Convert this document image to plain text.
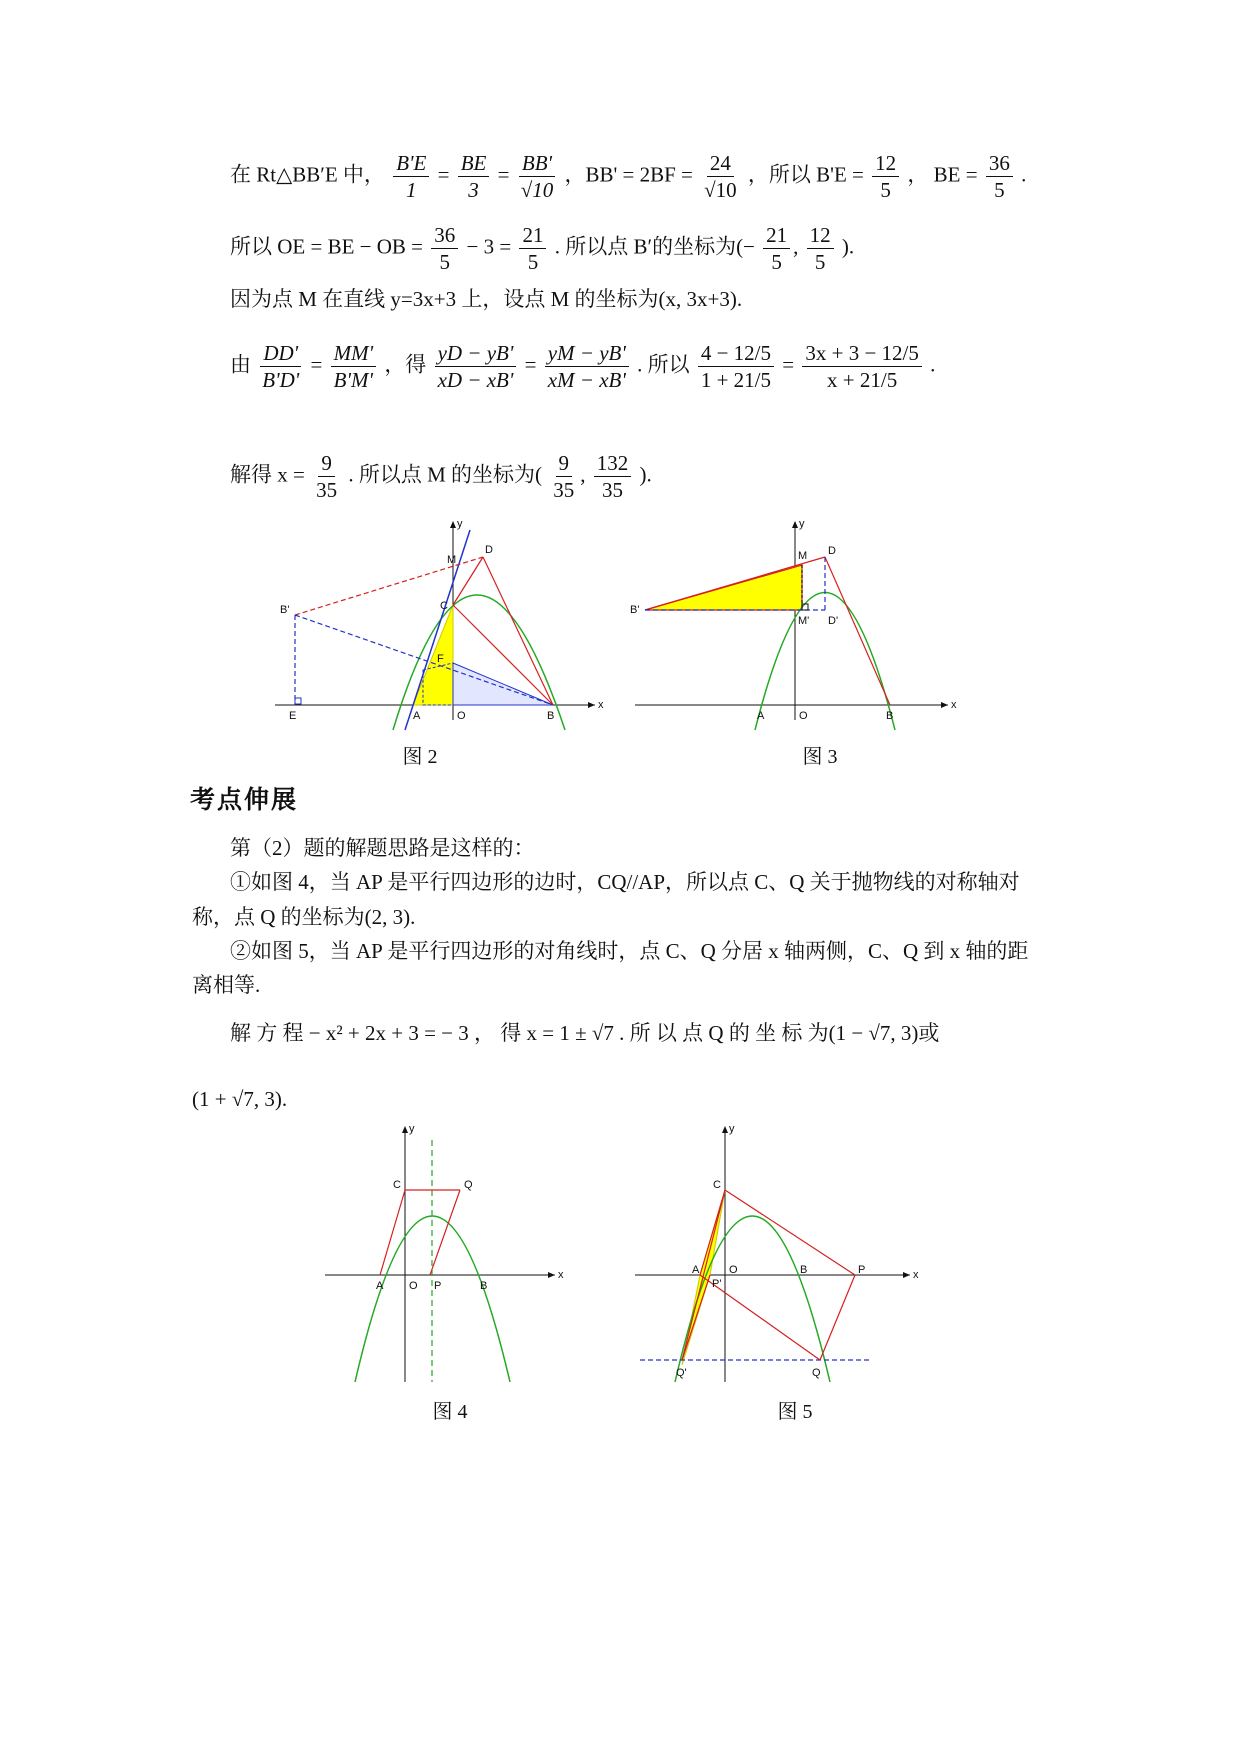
在 Rt△BB′E 中， $\frac{B'E}{1} = \frac{BE}{3} = \frac{BB'}{√10}$ ，$BB' = 2BF = \frac{24}{√10}$ ，所以 $B'E = \frac{12}{5}$ ， BE = $\frac{36}{5}$ .
所以 OE = BE − OB = $\frac{36}{5} - 3 = \frac{21}{5}$ . 所以点 B′的坐标为(− $\frac{21}{5}$ , $\frac{12}{5}$ ).
因为点 M 在直线 y=3x+3 上，设点 M 的坐标为(x, 3x+3).
由 $\frac{DD'}{B'D'} = \frac{MM'}{B'M'}$ ，得 $\frac{yD - yB'}{xD - xB'} = \frac{yM - yB'}{xM - xB'}$ . 所以 $\frac{4 - 12/5}{1 + 21/5} = \frac{3x + 3 - 12/5}{x + 21/5}$ .
解得 $x = \frac{9}{35}$ . 所以点 M 的坐标为( $\frac{9}{35}$ , $\frac{132}{35}$ ).
x
y
O
A	B
C
D
M
F
E
B'
图 2
x
y
O
A	B
M D
B'
M' D'
图 3
考点伸展
第（2）题的解题思路是这样的：
①如图 4，当 AP 是平行四边形的边时，CQ//AP，所以点 C、Q 关于抛物线的对称轴对
称，点 Q 的坐标为(2, 3).
②如图 5，当 AP 是平行四边形的对角线时，点 C、Q 分居 x 轴两侧，C、Q 到 x 轴的距
离相等.
解 方 程 − x² + 2x + 3 = − 3 ， 得 x = 1 ± √7 . 所 以 点 Q 的 坐 标 为(1 − √7, 3)或
(1 + √7, 3).
x
y
C	Q
A O P	B
图 4
x
y
C
A
P'
O	B	P
Q
Q'
图 5
